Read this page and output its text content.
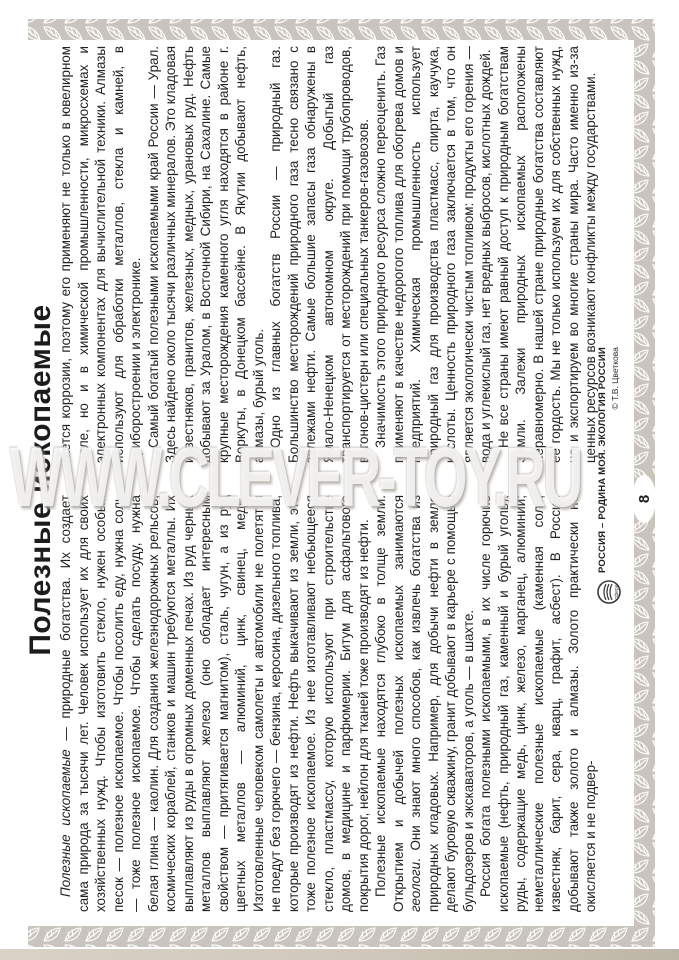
Полезные ископаемые

Полезные ископаемые — природные богатства. Их создает сама природа за тысячи лет. Человек использует их для своих хозяйственных нужд. Чтобы изготовить стекло, нужен особый песок — полезное ископаемое. Чтобы посолить еду, нужна соль — тоже полезное ископаемое. Чтобы сделать посуду, нужна белая глина — каолин. Для создания железнодорожных рельсов, космических кораблей, станков и машин требуются металлы. Их выплавляют из руды в огромных доменных печах. Из руд черных металлов выплавляют железо (оно обладает интересным свойством — притягивается магнитом), сталь, чугун, а из руд цветных металлов — алюминий, цинк, свинец, медь. Изготовленные человеком самолеты и автомобили не полетят и не поедут без горючего — бензина, керосина, дизельного топлива, которые производят из нефти. Нефть выкачивают из земли, это тоже полезное ископаемое. Из нее изготавливают небьющееся стекло, пластмассу, которую используют при строительстве домов, в медицине и парфюмерии. Битум для асфальтового покрытия дорог, нейлон для тканей тоже производят из нефти. Полезные ископаемые находятся глубоко в толще земли. Открытием и добычей полезных ископаемых занимаются геологи. Они знают много способов, как извлечь богатства из природных кладовых. Например, для добычи нефти в земле делают буровую скважину, гранит добывают в карьере с помощью бульдозеров и экскаваторов, а уголь — в шахте. Россия богата полезными ископаемыми, в их числе горючие ископаемые (нефть, природный газ, каменный и бурый уголь); руды, содержащие медь, цинк, железо, марганец, алюминий; неметаллические полезные ископаемые (каменная соль, известняк, барит, сера, кварц, графит, асбест). В России добывают также золото и алмазы. Золото практически не окисляется и не подвер-

гается коррозии, поэтому его применяют не только в ювелирном деле, но и в химической промышленности, микросхемах и электронных компонентах для вычислительной техники. Алмазы используют для обработки металлов, стекла и камней, в приборостроении и электронике. Самый богатый полезными ископаемыми край России — Урал. Здесь найдено около тысячи различных минералов. Это кладовая известняков, гранитов, железных, медных, урановых руд. Нефть добывают за Уралом, в Восточной Сибири, на Сахалине. Самые крупные месторождения каменного угля находятся в районе г. Воркуты, в Донецком бассейне. В Якутии добывают нефть, алмазы, бурый уголь. Одно из главных богатств России — природный газ. Большинство месторождений природного газа тесно связано с залежами нефти. Самые большие запасы газа обнаружены в Ямало-Ненецком автономном округе. Добытый газ транспортируется от месторождений при помощи трубопроводов, вагонов-цистерн или специальных танкеров-газовозов. Значимость этого природного ресурса сложно переоценить. Газ применяют в качестве недорогого топлива для обогрева домов и предприятий. Химическая промышленность использует природный газ для производства пластмасс, спирта, каучука, кислоты. Ценность природного газа заключается в том, что он является экологически чистым топливом: продукты его горения — вода и углекислый газ, нет вредных выбросов, кислотных дождей. Не все страны имеют равный доступ к природным богатствам Земли. Залежи природных ископаемых расположены неравномерно. В нашей стране природные богатства составляют ее гордость. Мы не только используем их для собственных нужд, но и экспортируем во многие страны мира. Часто именно из-за ценных ресурсов возникают конфликты между государствами.

сфера
РОССИЯ – РОДИНА МОЯ. ЭКОЛОГИЯ РОССИИ © Т.В. Цветкова
8
WWW.CLEVER-TOY.RU
